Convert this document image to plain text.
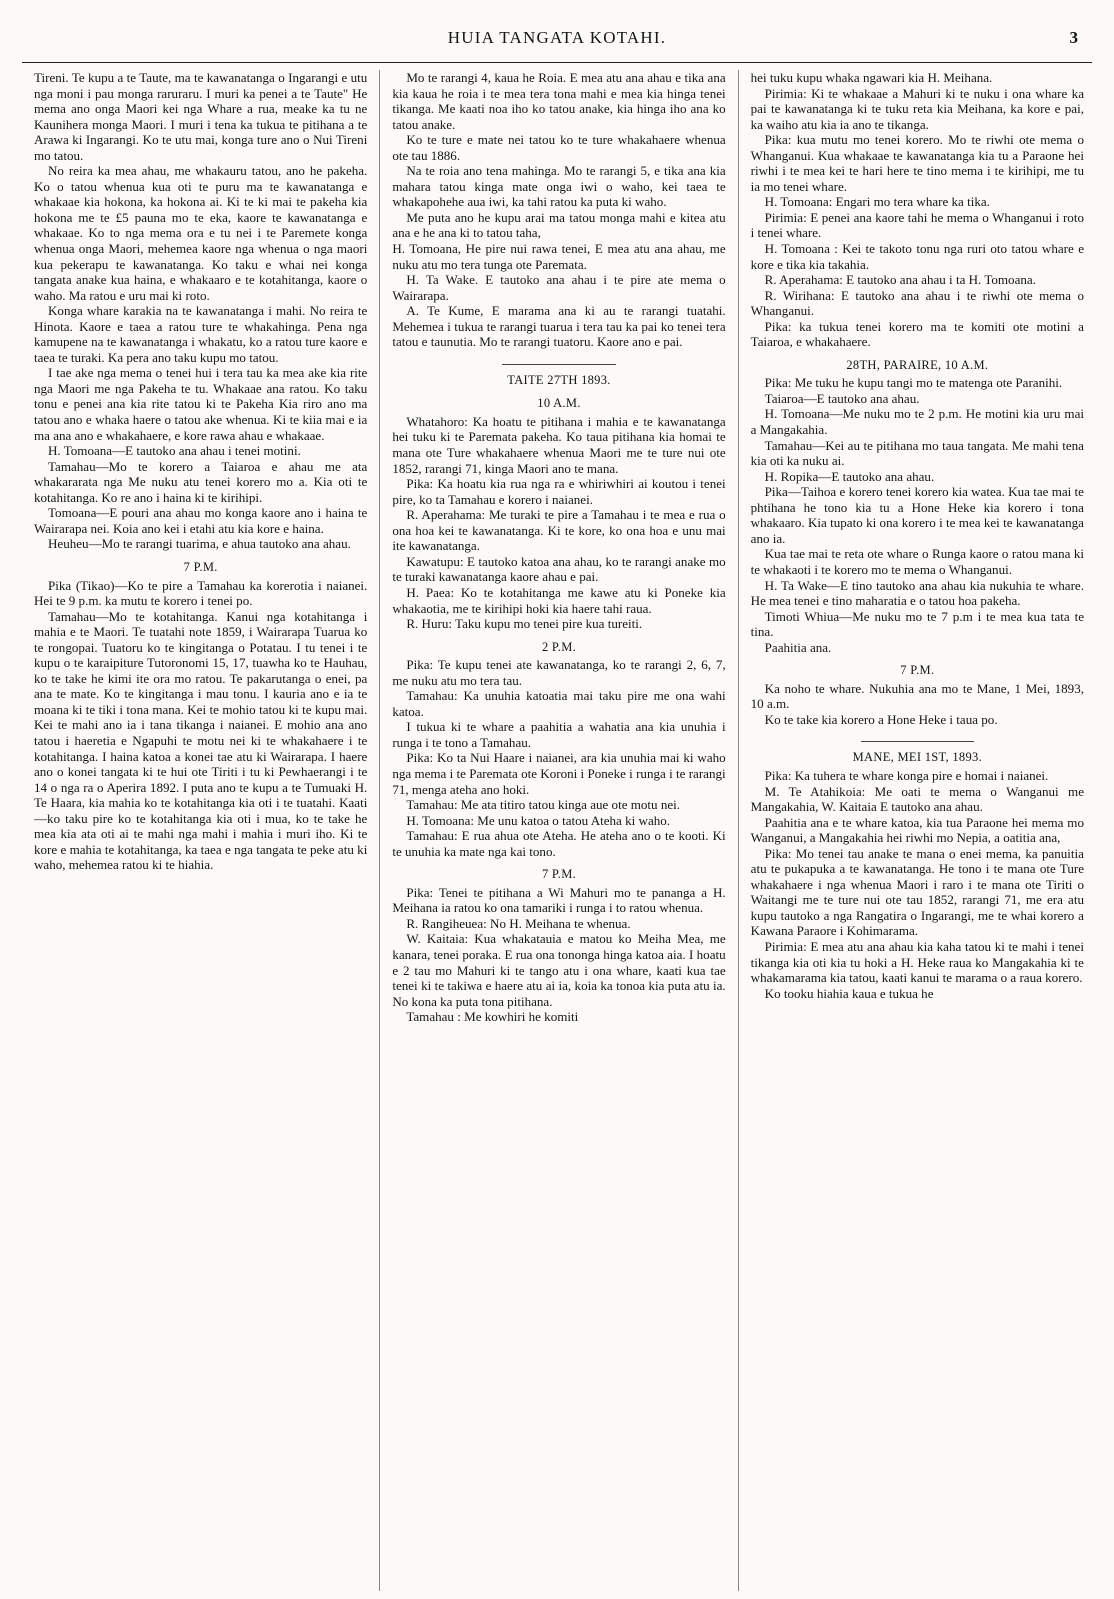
HUIA TANGATA KOTAHI.	3

Tireni. Te kupu a te Taute, ma te kawanatanga o Ingarangi e utu nga moni i pau monga raruraru. I muri ka penei a te Taute" He mema ano onga Maori kei nga Whare a rua, meake ka tu ne Kaunihera monga Maori. I muri i tena ka tukua te pitihana a te Arawa ki Ingarangi. Ko te utu mai, konga ture ano o Nui Tireni mo tatou.

No reira ka mea ahau, me whakauru tatou, ano he pakeha. Ko o tatou whenua kua oti te puru ma te kawanatanga e whakaae kia hokona, ka hokona ai. Ki te ki mai te pakeha kia hokona me te £5 pauna mo te eka, kaore te kawanatanga e whakaae. Ko to nga mema ora e tu nei i te Paremete konga whenua onga Maori, mehemea kaore nga whenua o nga maori kua pekerapu te kawanatanga. Ko taku e whai nei konga tangata anake kua haina, e whakaaro e te kotahitanga, kaore o waho. Ma ratou e uru mai ki roto.

Konga whare karakia na te kawanatanga i mahi. No reira te Hinota. Kaore e taea a ratou ture te whakahinga. Pena nga kamupene na te kawanatanga i whakatu, ko a ratou ture kaore e taea te turaki. Ka pera ano taku kupu mo tatou.

I tae ake nga mema o tenei hui i tera tau ka mea ake kia rite nga Maori me nga Pakeha te tu. Whakaae ana ratou. Ko taku tonu e penei ana kia rite tatou ki te Pakeha Kia riro ano ma tatou ano e whaka haere o tatou ake whenua. Ki te kiia mai e ia ma ana ano e whakahaere, e kore rawa ahau e whakaae.

H. Tomoana—E tautoko ana ahau i tenei motini.

Tamahau—Mo te korero a Taiaroa e ahau me ata whakararata nga Me nuku atu tenei korero mo a. Kia oti te kotahitanga. Ko re ano i haina ki te kirihipi.

Tomoana—E pouri ana ahau mo konga kaore ano i haina te Wairarapa nei. Koia ano kei i etahi atu kia kore e haina.

Heuheu—Mo te rarangi tuarima, e ahua tautoko ana ahau.

7 P.M.

Pika (Tikao)—Ko te pire a Tamahau ka korerotia i naianei. Hei te 9 p.m. ka mutu te korero i tenei po.

Tamahau—Mo te kotahitanga. Kanui nga kotahitanga i mahia e te Maori. Te tuatahi note 1859, i Wairarapa Tuarua ko te rongopai. Tuatoru ko te kingitanga o Potatau. I tu tenei i te kupu o te karaipiture Tutoronomi 15, 17, tuawha ko te Hauhau, ko te take he kimi ite ora mo ratou. Te pakarutanga o enei, pa ana te mate. Ko te kingitanga i mau tonu. I kauria ano e ia te moana ki te tiki i tona mana. Kei te mohio tatou ki te kupu mai. Kei te mahi ano ia i tana tikanga i naianei. E mohio ana ano tatou i haeretia e Ngapuhi te motu nei ki te whakahaere i te kotahitanga. I haina katoa a konei tae atu ki Wairarapa. I haere ano o konei tangata ki te hui ote Tiriti i tu ki Pewhaerangi i te 14 o nga ra o Aperira 1892. I puta ano te kupu a te Tumuaki H. Te Haara, kia mahia ko te kotahitanga kia oti i te tuatahi. Kaati—ko taku pire ko te kotahitanga kia oti i mua, ko te take he mea kia ata oti ai te mahi nga mahi i mahia i muri iho. Ki te kore e mahia te kotahitanga, ka taea e nga tangata te peke atu ki waho, mehemea ratou ki te hiahia.

Mo te rarangi 4, kaua he Roia. E mea atu ana ahau e tika ana kia kaua he roia i te mea tera tona mahi e mea kia hinga tenei tikanga. Me kaati noa iho ko tatou anake, kia hinga iho ana ko tatou anake.

Ko te ture e mate nei tatou ko te ture whakahaere whenua ote tau 1886.

Na te roia ano tena mahinga. Mo te rarangi 5, e tika ana kia mahara tatou kinga mate onga iwi o waho, kei taea te whakapohehe aua iwi, ka tahi ratou ka puta ki waho.

Me puta ano he kupu arai ma tatou monga mahi e kitea atu ana e he ana ki to tatou taha,

H. Tomoana, He pire nui rawa tenei, E mea atu ana ahau, me nuku atu mo tera tunga ote Paremata.

H. Ta Wake. E tautoko ana ahau i te pire ate mema o Wairarapa.

A. Te Kume, E marama ana ki au te rarangi tuatahi. Mehemea i tukua te rarangi tuarua i tera tau ka pai ko tenei tera tatou e taunutia. Mo te rarangi tuatoru. Kaore ano e pai.

TAITE 27TH 1893.

10 A.M.

Whatahoro: Ka hoatu te pitihana i mahia e te kawanatanga hei tuku ki te Paremata pakeha. Ko taua pitihana kia homai te mana ote Ture whakahaere whenua Maori me te ture nui ote 1852, rarangi 71, kinga Maori ano te mana.

Pika: Ka hoatu kia rua nga ra e whiriwhiri ai koutou i tenei pire, ko ta Tamahau e korero i naianei.

R. Aperahama: Me turaki te pire a Tamahau i te mea e rua o ona hoa kei te kawanatanga. Ki te kore, ko ona hoa e unu mai ite kawanatanga.

Kawatupu: E tautoko katoa ana ahau, ko te rarangi anake mo te turaki kawanatanga kaore ahau e pai.

H. Paea: Ko te kotahitanga me kawe atu ki Poneke kia whakaotia, me te kirihipi hoki kia haere tahi raua.

R. Huru: Taku kupu mo tenei pire kua tureiti.

2 P.M.

Pika: Te kupu tenei ate kawanatanga, ko te rarangi 2, 6, 7, me nuku atu mo tera tau.

Tamahau: Ka unuhia katoatia mai taku pire me ona wahi katoa.

I tukua ki te whare a paahitia a wahatia ana kia unuhia i runga i te tono a Tamahau.

Pika: Ko ta Nui Haare i naianei, ara kia unuhia mai ki waho nga mema i te Paremata ote Koroni i Poneke i runga i te rarangi 71, menga ateha ano hoki.

Tamahau: Me ata titiro tatou kinga aue ote motu nei.

H. Tomoana: Me unu katoa o tatou Ateha ki waho.

Tamahau: E rua ahua ote Ateha. He ateha ano o te kooti. Ki te unuhia ka mate nga kai tono.

7 P.M.

Pika: Tenei te pitihana a Wi Mahuri mo te pananga a H. Meihana ia ratou ko ona tamariki i runga i to ratou whenua.

R. Rangiheuea: No H. Meihana te whenua.

W. Kaitaia: Kua whakatauia e matou ko Meiha Mea, me kanara, tenei poraka. E rua ona tononga hinga katoa aia. I hoatu e 2 tau mo Mahuri ki te tango atu i ona whare, kaati kua tae tenei ki te takiwa e haere atu ai ia, koia ka tonoa kia puta atu ia. No kona ka puta tona pitihana.

Tamahau : Me kowhiri he komiti

hei tuku kupu whaka ngawari kia H. Meihana.

Pirimia: Ki te whakaae a Mahuri ki te nuku i ona whare ka pai te kawanatanga ki te tuku reta kia Meihana, ka kore e pai, ka waiho atu kia ia ano te tikanga.

Pika: kua mutu mo tenei korero. Mo te riwhi ote mema o Whanganui. Kua whakaae te kawanatanga kia tu a Paraone hei riwhi i te mea kei te hari here te tino mema i te kirihipi, me tu ia mo tenei whare.

H. Tomoana: Engari mo tera whare ka tika.

Pirimia: E penei ana kaore tahi he mema o Whanganui i roto i tenei whare.

H. Tomoana : Kei te takoto tonu nga ruri oto tatou whare e kore e tika kia takahia.

R. Aperahama: E tautoko ana ahau i ta H. Tomoana.

R. Wirihana: E tautoko ana ahau i te riwhi ote mema o Whanganui.

Pika: ka tukua tenei korero ma te komiti ote motini a Taiaroa, e whakahaere.

28TH, PARAIRE, 10 A.M.

Pika: Me tuku he kupu tangi mo te matenga ote Paranihi.

Taiaroa—E tautoko ana ahau.

H. Tomoana—Me nuku mo te 2 p.m. He motini kia uru mai a Mangakahia.

Tamahau—Kei au te pitihana mo taua tangata. Me mahi tena kia oti ka nuku ai.

H. Ropika—E tautoko ana ahau.

Pika—Taihoa e korero tenei korero kia watea. Kua tae mai te phtihana he tono kia tu a Hone Heke kia korero i tona whakaaro. Kia tupato ki ona korero i te mea kei te kawanatanga ano ia.

Kua tae mai te reta ote whare o Runga kaore o ratou mana ki te whakaoti i te korero mo te mema o Whanganui.

H. Ta Wake—E tino tautoko ana ahau kia nukuhia te whare. He mea tenei e tino maharatia e o tatou hoa pakeha.

Timoti Whiua—Me nuku mo te 7 p.m i te mea kua tata te tina.

Paahitia ana.

7 P.M.

Ka noho te whare. Nukuhia ana mo te Mane, 1 Mei, 1893, 10 a.m.

Ko te take kia korero a Hone Heke i taua po.

MANE, MEI 1ST, 1893.

Pika: Ka tuhera te whare konga pire e homai i naianei.

M. Te Atahikoia: Me oati te mema o Wanganui me Mangakahia, W. Kaitaia E tautoko ana ahau.

Paahitia ana e te whare katoa, kia tua Paraone hei mema mo Wanganui, a Mangakahia hei riwhi mo Nepia, a oatitia ana,

Pika: Mo tenei tau anake te mana o enei mema, ka panuitia atu te pukapuka a te kawanatanga. He tono i te mana ote Ture whakahaere i nga whenua Maori i raro i te mana ote Tiriti o Waitangi me te ture nui ote tau 1852, rarangi 71, me era atu kupu tautoko a nga Rangatira o Ingarangi, me te whai korero a Kawana Paraore i Kohimarama.

Pirimia: E mea atu ana ahau kia kaha tatou ki te mahi i tenei tikanga kia oti kia tu hoki a H. Heke raua ko Mangakahia ki te whakamarama kia tatou, kaati kanui te marama o a raua korero.

Ko tooku hiahia kaua e tukua he
